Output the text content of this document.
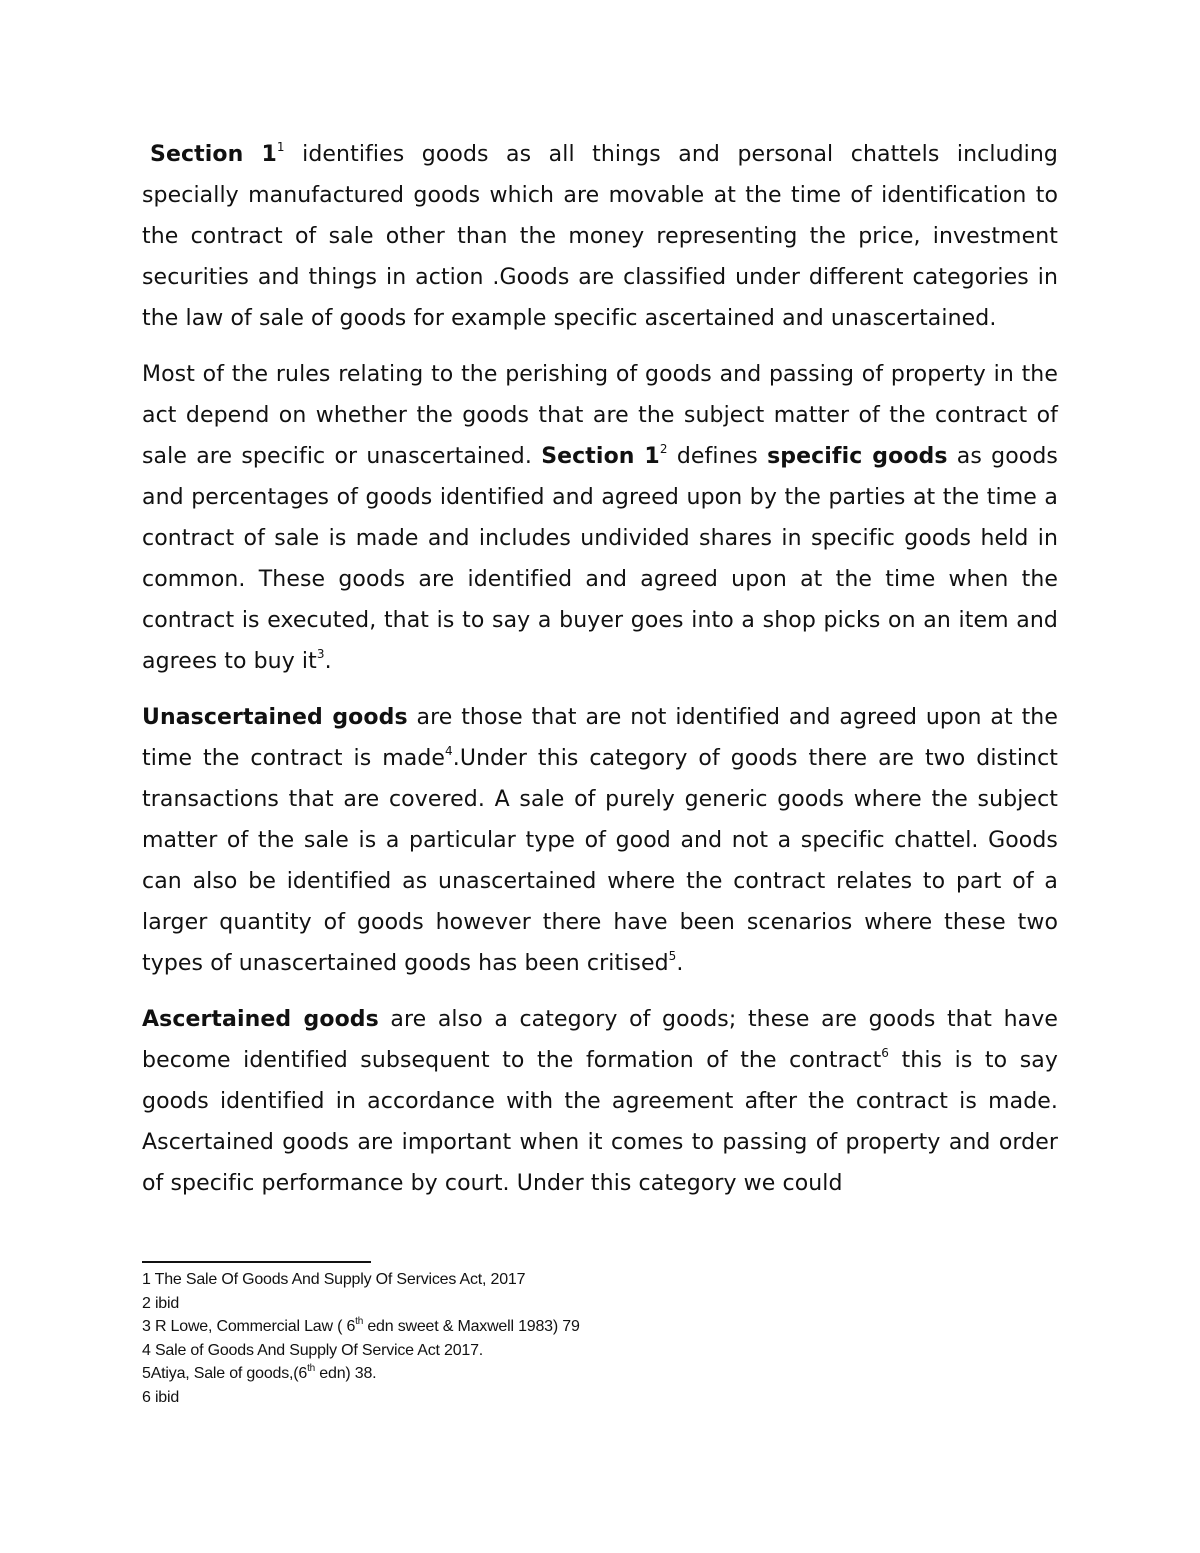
Section $1^1$ identifies goods as all things and personal chattels including specially manufactured goods which are movable at the time of identification to the contract of sale other than the money representing the price, investment securities and things in action .Goods are classified under different categories in the law of sale of goods for example specific ascertained and unascertained.

Most of the rules relating to the perishing of goods and passing of property in the act depend on whether the goods that are the subject matter of the contract of sale are specific or unascertained. Section $1^2$ defines specific goods as goods and percentages of goods identified and agreed upon by the parties at the time a contract of sale is made and includes undivided shares in specific goods held in common. These goods are identified and agreed upon at the time when the contract is executed, that is to say a buyer goes into a shop picks on an item and agrees to buy $it^3$.

Unascertained goods are those that are not identified and agreed upon at the time the contract is made$^4$.Under this category of goods there are two distinct transactions that are covered. A sale of purely generic goods where the subject matter of the sale is a particular type of good and not a specific chattel. Goods can also be identified as unascertained where the contract relates to part of a larger quantity of goods however there have been scenarios where these two types of unascertained goods has been critised$^5$.

Ascertained goods are also a category of goods; these are goods that have become identified subsequent to the formation of the contract$^6$ this is to say goods identified in accordance with the agreement after the contract is made. Ascertained goods are important when it comes to passing of property and order of specific performance by court. Under this category we could

1 The Sale Of Goods And Supply Of Services Act, 2017

2 ibid

3 R Lowe, Commercial Law ( 6th edn sweet & Maxwell 1983) 79

4 Sale of Goods And Supply Of Service Act 2017.

5Atiya, Sale of goods,(6th edn) 38.

6 ibid
